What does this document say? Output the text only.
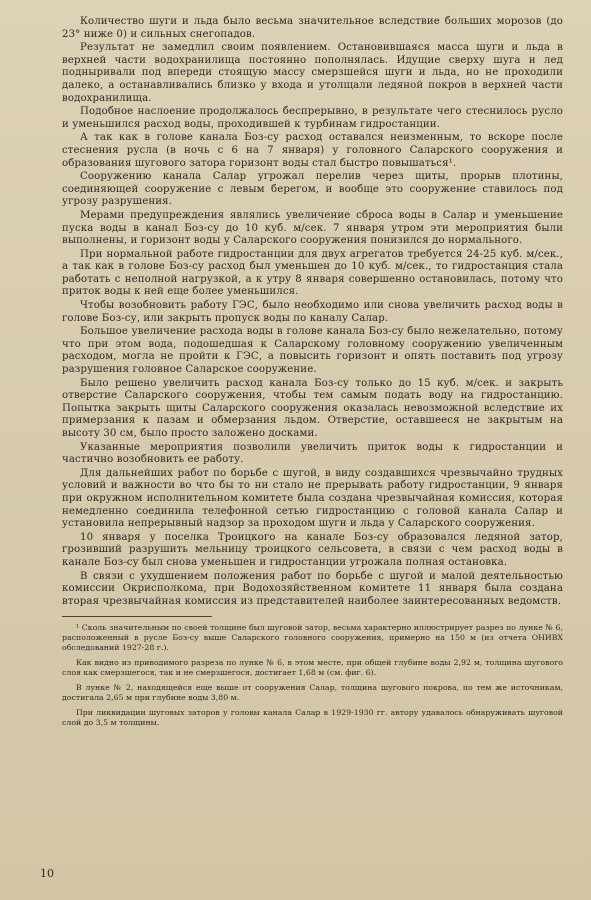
Количество шуги и льда было весьма значительное вследствие больших морозов (до 23° ниже 0) и сильных снегопадов.

Результат не замедлил своим появлением. Остановившаяся масса шуги и льда в верхней части водохранилища постоянно пополнялась. Идущие сверху шуга и лед подныривали под впереди стоящую массу смерзшейся шуги и льда, но не проходили далеко, а останавливались близко у входа и утолщали ледяной покров в верхней части водохранилища.

Подобное наслоение продолжалось беспрерывно, в результате чего стеснилось русло и уменьшился расход воды, проходившей к турбинам гидростанции.

А так как в голове канала Боз-су расход оставался неизменным, то вскоре после стеснения русла (в ночь с 6 на 7 января) у головного Саларского сооружения и образования шугового затора горизонт воды стал быстро повышаться¹.

Сооружению канала Салар угрожал перелив через щиты, прорыв плотины, соединяющей сооружение с левым берегом, и вообще это сооружение ставилось под угрозу разрушения.

Мерами предупреждения являлись увеличение сброса воды в Салар и уменьшение пуска воды в канал Боз-су до 10 куб. м/сек. 7 января утром эти мероприятия были выполнены, и горизонт воды у Саларского сооружения понизился до нормального.

При нормальной работе гидростанции для двух агрегатов требуется 24-25 куб. м/сек., а так как в голове Боз-су расход был уменьшен до 10 куб. м/сек., то гидростанция стала работать с неполной нагрузкой, а к утру 8 января совершенно остановилась, потому что приток воды к ней еще более уменьшился.

Чтобы возобновить работу ГЭС, было необходимо или снова увеличить расход воды в голове Боз-су, или закрыть пропуск воды по каналу Салар.

Большое увеличение расхода воды в голове канала Боз-су было нежелательно, потому что при этом вода, подошедшая к Саларскому головному сооружению увеличенным расходом, могла не пройти к ГЭС, а повысить горизонт и опять поставить под угрозу разрушения головное Саларское сооружение.

Было решено увеличить расход канала Боз-су только до 15 куб. м/сек. и закрыть отверстие Саларского сооружения, чтобы тем самым подать воду на гидростанцию. Попытка закрыть щиты Саларского сооружения оказалась невозможной вследствие их примерзания к пазам и обмерзания льдом. Отверстие, оставшееся не закрытым на высоту 30 см, было просто заложено досками.

Указанные мероприятия позволили увеличить приток воды к гидростанции и частично возобновить ее работу.

Для дальнейших работ по борьбе с шугой, в виду создавшихся чрезвычайно трудных условий и важности во что бы то ни стало не прерывать работу гидростанции, 9 января при окружном исполнительном комитете была создана чрезвычайная комиссия, которая немедленно соединила телефонной сетью гидростанцию с головой канала Салар и установила непрерывный надзор за проходом шуги и льда у Саларского сооружения.

10 января у поселка Троицкого на канале Боз-су образовался ледяной затор, грозивший разрушить мельницу троицкого сельсовета, в связи с чем расход воды в канале Боз-су был снова уменьшен и гидростанции угрожала полная остановка.

В связи с ухудшением положения работ по борьбе с шугой и малой деятельностью комиссии Окрисполкома, при Водохозяйственном комитете 11 января была создана вторая чрезвычайная комиссия из представителей наиболее заинтересованных ведомств.

¹ Сколь значительным по своей толщине был шуговой затор, весьма характерно иллюстрирует разрез по лунке № 6, расположенный в русле Боз-су выше Саларского головного сооружения, примерно на 150 м (из отчета ОНИВХ обследований 1927-28 г.).

Как видно из приводимого разреза по лунке № 6, в этом месте, при общей глубине воды 2,92 м, толщина шугового слоя как смерзшегося, так и не смерзшегося, достигает 1,68 м (см. фиг. 6).

В лунке № 2, находящейся еще выше от сооружения Салар, толщина шугового покрова, по тем же источникам, достигала 2,65 м при глубине воды 3,80 м.

При ликвидации шуговых заторов у головы канала Салар в 1929-1930 гг. автору удавалось обнаруживать шуговой слой до 3,5 м толщины.

10
